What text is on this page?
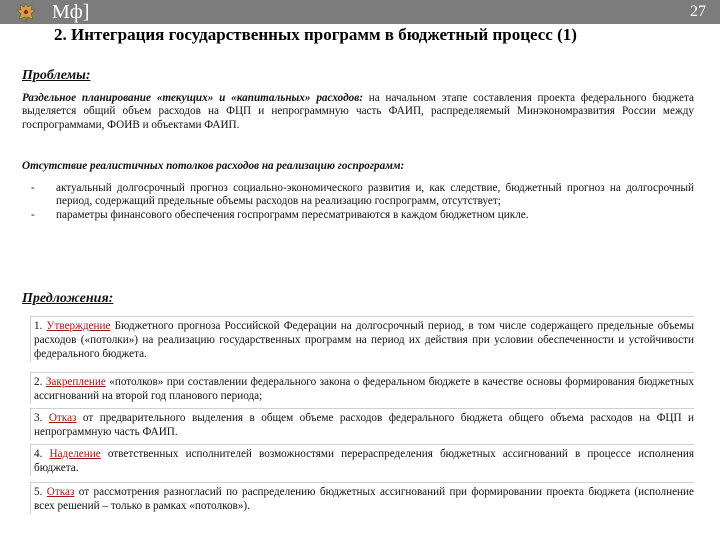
Мф]	27
2. Интеграция государственных программ в бюджетный процесс (1)
Проблемы:
Раздельное планирование «текущих» и «капитальных» расходов: на начальном этапе составления проекта федерального бюджета выделяется общий объем расходов на ФЦП и непрограммную часть ФАИП, распределяемый Минэкономразвития России между госпрограммами, ФОИВ и объектами ФАИП.
Отсутствие реалистичных потолков расходов на реализацию госпрограмм:
- актуальный долгосрочный прогноз социально-экономического развития и, как следствие, бюджетный прогноз на долгосрочный период, содержащий предельные объемы расходов на реализацию госпрограмм, отсутствует;
- параметры финансового обеспечения госпрограмм пересматриваются в каждом бюджетном цикле.
Предложения:
1. Утверждение Бюджетного прогноза Российской Федерации на долгосрочный период, в том числе содержащего предельные объемы расходов («потолки») на реализацию государственных программ на период их действия при условии обеспеченности и устойчивости федерального бюджета.
2. Закрепление «потолков» при составлении федерального закона о федеральном бюджете в качестве основы формирования бюджетных ассигнований на второй год планового периода;
3. Отказ от предварительного выделения в общем объеме расходов федерального бюджета общего объема расходов на ФЦП и непрограммную часть ФАИП.
4. Наделение ответственных исполнителей возможностями перераспределения бюджетных ассигнований в процессе исполнения бюджета.
5. Отказ от рассмотрения разногласий по распределению бюджетных ассигнований при формировании проекта бюджета (исполнение всех решений – только в рамках «потолков»).
